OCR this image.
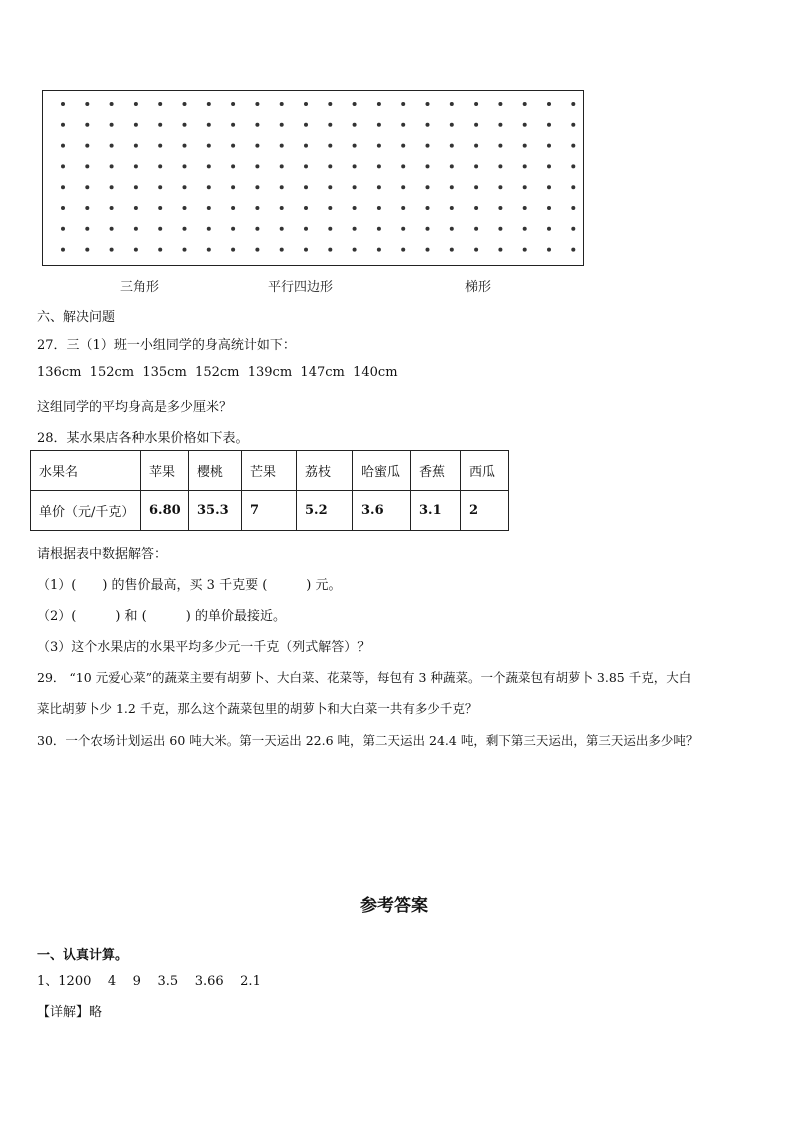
三角形	平行四边形	梯形
六、解决问题
27．三（1）班一小组同学的身高统计如下：
136cm  152cm  135cm  152cm  139cm  147cm  140cm
这组同学的平均身高是多少厘米？
28．某水果店各种水果价格如下表。
水果名	苹果	樱桃	芒果	荔枝	哈蜜瓜	香蕉	西瓜
单价（元/千克）	6.80	35.3	7	5.2	3.6	3.1	2
请根据表中数据解答：
（1）(　　) 的售价最高，买 3 千克要 (　　　) 元。
（2）(　　　) 和 (　　　) 的单价最接近。
（3）这个水果店的水果平均多少元一千克（列式解答）？
29． “10 元爱心菜”的蔬菜主要有胡萝卜、大白菜、花菜等，每包有 3 种蔬菜。一个蔬菜包有胡萝卜 3.85 千克，大白
菜比胡萝卜少 1.2 千克，那么这个蔬菜包里的胡萝卜和大白菜一共有多少千克？
30．一个农场计划运出 60 吨大米。第一天运出 22.6 吨，第二天运出 24.4 吨，剩下第三天运出，第三天运出多少吨？
参考答案
一、认真计算。
1、1200    4    9    3.5    3.66    2.1
【详解】略
